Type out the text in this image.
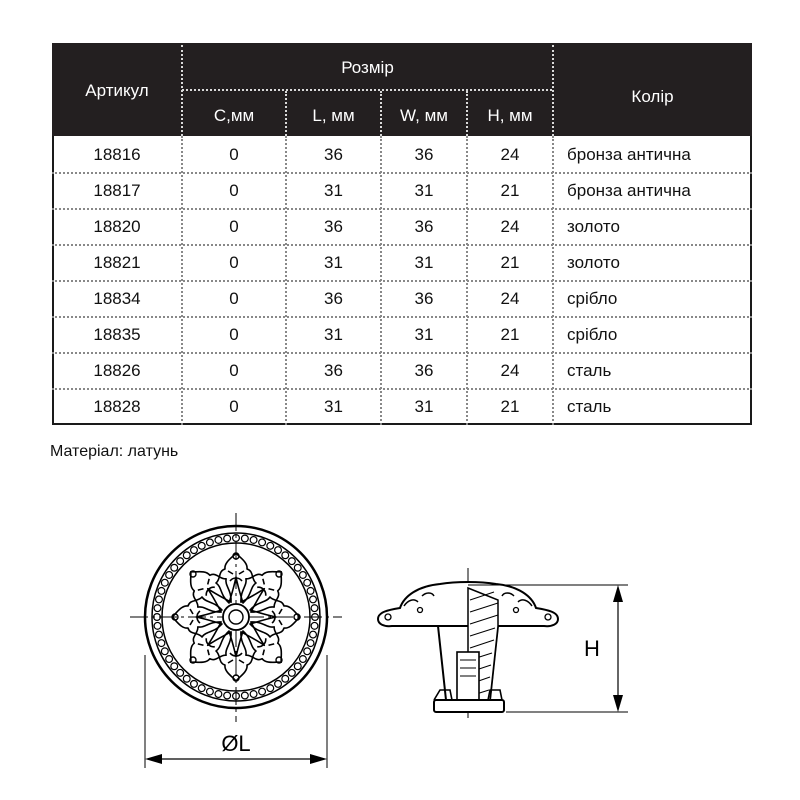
Артикул
Розмір
С,мм	L, мм	W, мм	H, мм
Колір
18816	0	36	36	24	бронза антична
18817	0	31	31	21	бронза антична
18820	0	36	36	24	золото
18821	0	31	31	21	золото
18834	0	36	36	24	срібло
18835	0	31	31	21	срібло
18826	0	36	36	24	сталь
18828	0	31	31	21	сталь
Матеріал: латунь
ØL
H
